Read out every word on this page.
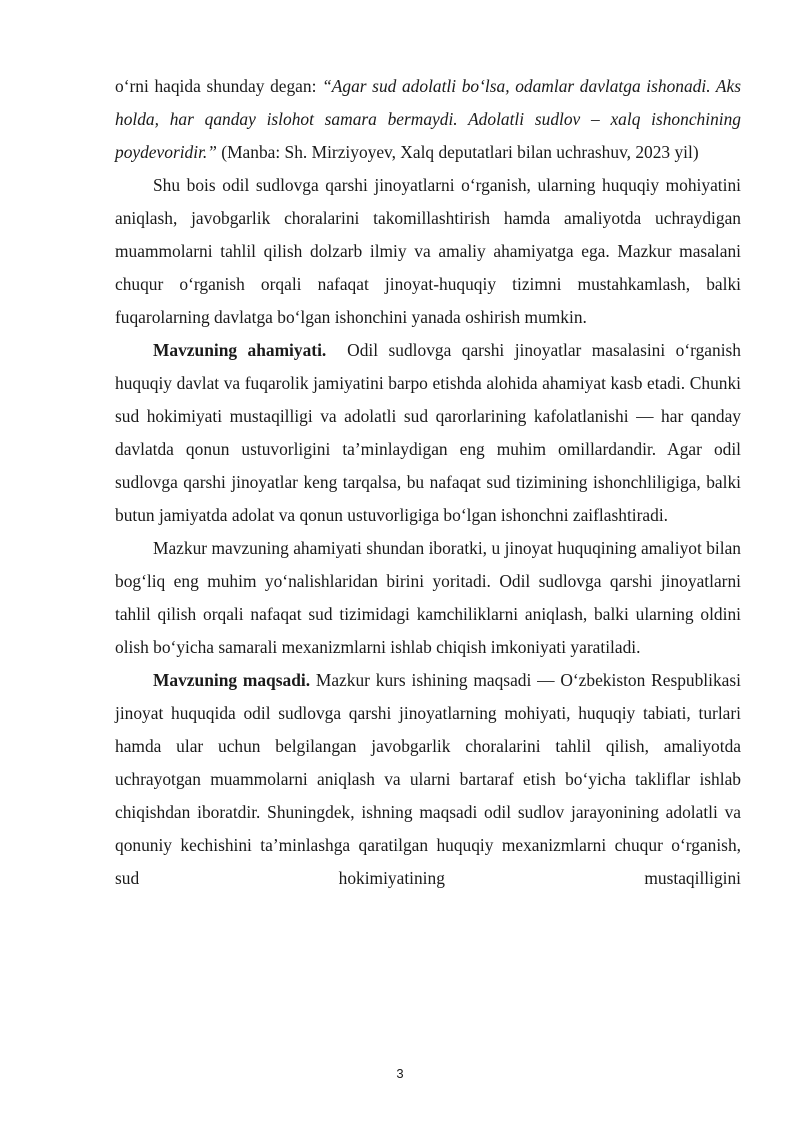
o‘rni haqida shunday degan: “Agar sud adolatli bo‘lsa, odamlar davlatga ishonadi. Aks holda, har qanday islohot samara bermaydi. Adolatli sudlov – xalq ishonchining poydevoridir.” (Manba: Sh. Mirziyoyev, Xalq deputatlari bilan uchrashuv, 2023 yil)

Shu bois odil sudlovga qarshi jinoyatlarni o‘rganish, ularning huquqiy mohiyatini aniqlash, javobgarlik choralarini takomillashtirish hamda amaliyotda uchraydigan muammolarni tahlil qilish dolzarb ilmiy va amaliy ahamiyatga ega. Mazkur masalani chuqur o‘rganish orqali nafaqat jinoyat-huquqiy tizimni mustahkamlash, balki fuqarolarning davlatga bo‘lgan ishonchini yanada oshirish mumkin.

Mavzuning ahamiyati.  Odil sudlovga qarshi jinoyatlar masalasini o‘rganish huquqiy davlat va fuqarolik jamiyatini barpo etishda alohida ahamiyat kasb etadi. Chunki sud hokimiyati mustaqilligi va adolatli sud qarorlarining kafolatlanishi — har qanday davlatda qonun ustuvorligini ta’minlaydigan eng muhim omillardandir. Agar odil sudlovga qarshi jinoyatlar keng tarqalsa, bu nafaqat sud tizimining ishonchliligiga, balki butun jamiyatda adolat va qonun ustuvorligiga bo‘lgan ishonchni zaiflashtiradi.

Mazkur mavzuning ahamiyati shundan iboratki, u jinoyat huquqining amaliyot bilan bog‘liq eng muhim yo‘nalishlaridan birini yoritadi. Odil sudlovga qarshi jinoyatlarni tahlil qilish orqali nafaqat sud tizimidagi kamchiliklarni aniqlash, balki ularning oldini olish bo‘yicha samarali mexanizmlarni ishlab chiqish imkoniyati yaratiladi.

Mavzuning maqsadi. Mazkur kurs ishining maqsadi — O‘zbekiston Respublikasi jinoyat huquqida odil sudlovga qarshi jinoyatlarning mohiyati, huquqiy tabiati, turlari hamda ular uchun belgilangan javobgarlik choralarini tahlil qilish, amaliyotda uchrayotgan muammolarni aniqlash va ularni bartaraf etish bo‘yicha takliflar ishlab chiqishdan iboratdir. Shuningdek, ishning maqsadi odil sudlov jarayonining adolatli va qonuniy kechishini ta’minlashga qaratilgan huquqiy mexanizmlarni chuqur o‘rganish, sud hokimiyatining mustaqilligini

3
